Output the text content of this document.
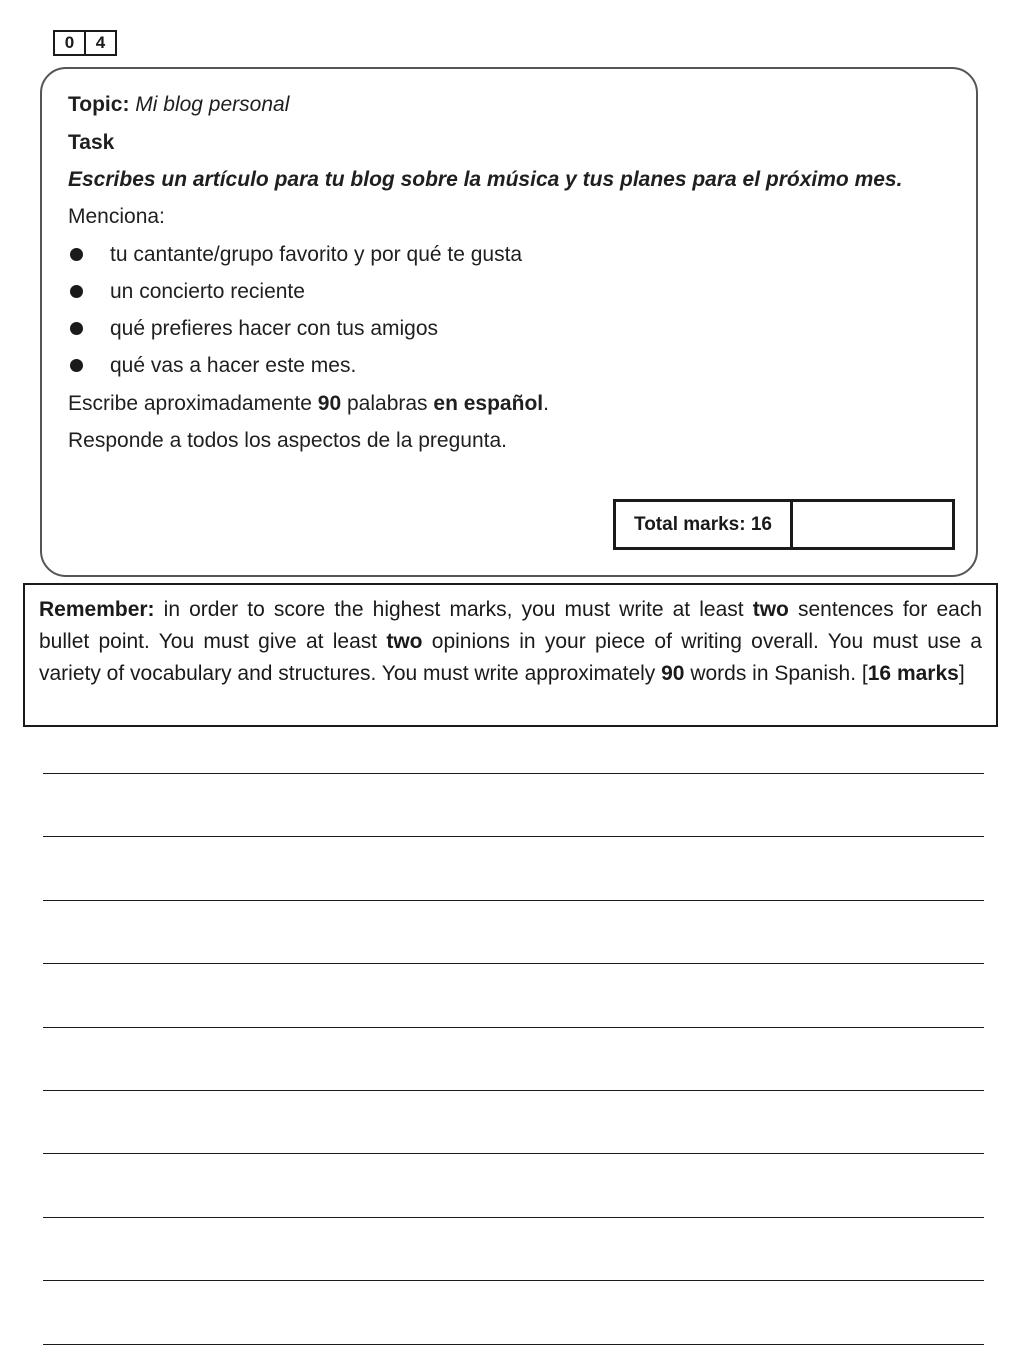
0	4
Topic: Mi blog personal
Task
Escribes un artículo para tu blog sobre la música y tus planes para el próximo mes.
Menciona:
tu cantante/grupo favorito y por qué te gusta
un concierto reciente
qué prefieres hacer con tus amigos
qué vas a hacer este mes.
Escribe aproximadamente 90 palabras en español.
Responde a todos los aspectos de la pregunta.
Total marks: 16
Remember: in order to score the highest marks, you must write at least two sentences for each bullet point. You must give at least two opinions in your piece of writing overall. You must use a variety of vocabulary and structures. You must write approximately 90 words in Spanish. [16 marks]
